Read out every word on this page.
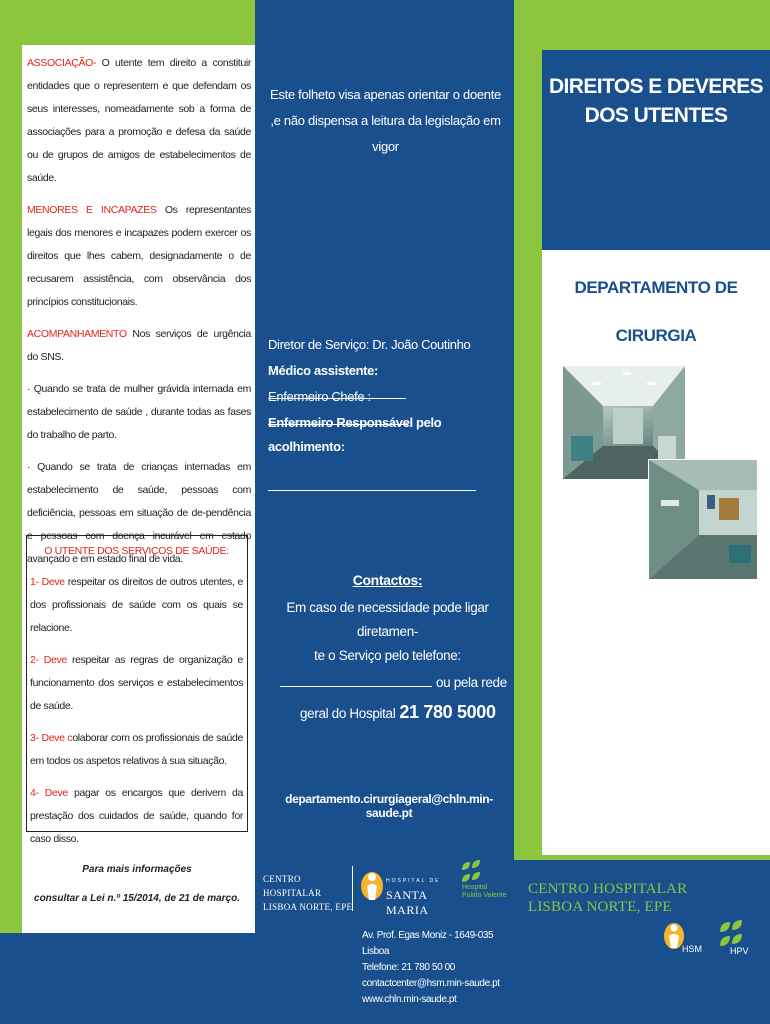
ASSOCIAÇÃO- O utente tem direito a constituir entidades que o representem e que defendam os seus interesses, nomeadamente sob a forma de associações para a promoção e defesa da saúde ou de grupos de amigos de estabelecimentos de saúde.

MENORES E INCAPAZES Os representantes legais dos menores e incapazes podem exercer os direitos que lhes cabem, designadamente o de recusarem assistência, com observância dos princípios constitucionais.

ACOMPANHAMENTO Nos serviços de urgência do SNS.

· Quando se trata de mulher grávida internada em estabelecimento de saúde , durante todas as fases do trabalho de parto.

· Quando se trata de crianças internadas em estabelecimento de saúde, pessoas com deficiência, pessoas em situação de de-pendência e pessoas com doença incurável em estado avançado e em estado final de vida.

O UTENTE DOS SERVIÇOS DE SAÚDE:
1- Deve respeitar os direitos de outros utentes, e dos profissionais de saúde com os quais se relacione.
2- Deve respeitar as regras de organização e funcionamento dos serviços e estabelecimentos de saúde.
3- Deve colaborar com os profissionais de saúde em todos os aspetos relativos à sua situação.
4- Deve pagar os encargos que derivem da prestação dos cuidados de saúde, quando for caso disso.
Para mais informações
consultar a Lei n.º 15/2014, de 21 de março.
Este folheto visa apenas orientar o doente ,e não dispensa a leitura da legislação em vigor
Diretor de Serviço: Dr. João Coutinho
Médico assistente:
Enfermeiro Chefe :
Enfermeiro Responsável pelo acolhimento:
Contactos:
Em caso de necessidade pode ligar diretamen-
te o Serviço pelo telefone:
ou pela rede
geral do Hospital 21 780 5000
departamento.cirurgiageral@chln.min-saude.pt
DIREITOS E DEVERES
DOS UTENTES
DEPARTAMENTO DE
CIRURGIA
CENTRO HOSPITALAR
LISBOA NORTE, EPE
HOSPITAL DE
SANTA MARIA
Hospital
Pulido Valente CENTRO HOSPITALAR
LISBOA NORTE, EPE
Av. Prof. Egas Moniz - 1649-035 Lisboa
Telefone: 21 780 50 00
contactcenter@hsm.min-saude.pt
www.chln.min-saude.pt
HSM	HPV
